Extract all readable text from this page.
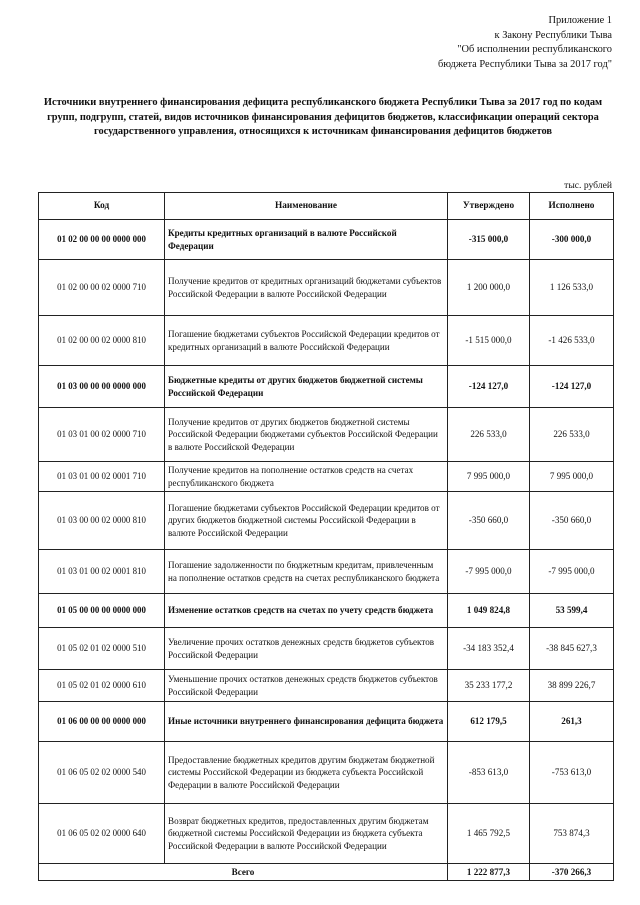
Приложение 1
к Закону Республики Тыва
"Об исполнении республиканского
бюджета Республики Тыва за 2017 год"
Источники внутреннего финансирования дефицита республиканского бюджета Республики Тыва за 2017 год по кодам групп, подгрупп, статей, видов источников финансирования дефицитов бюджетов, классификации операций сектора государственного управления, относящихся к источникам финансирования дефицитов бюджетов
тыс. рублей
Код	Наименование	Утверждено	Исполнено
01 02 00 00 00 0000 000	Кредиты кредитных организаций в валюте Российской Федерации	-315 000,0	-300 000,0
01 02 00 00 02 0000 710	Получение кредитов от кредитных организаций бюджетами субъектов Российской Федерации в валюте Российской Федерации	1 200 000,0	1 126 533,0
01 02 00 00 02 0000 810	Погашение бюджетами субъектов Российской Федерации кредитов от кредитных организаций в валюте Российской Федерации	-1 515 000,0	-1 426 533,0
01 03 00 00 00 0000 000	Бюджетные кредиты от других бюджетов бюджетной системы Российской Федерации	-124 127,0	-124 127,0
01 03 01 00 02 0000 710	Получение кредитов от других бюджетов бюджетной системы Российской Федерации бюджетами субъектов Российской Федерации в валюте Российской Федерации	226 533,0	226 533,0
01 03 01 00 02 0001 710	Получение кредитов на пополнение остатков средств на счетах республиканского бюджета	7 995 000,0	7 995 000,0
01 03 00 00 02 0000 810	Погашение бюджетами субъектов Российской Федерации кредитов от других бюджетов бюджетной системы Российской Федерации в валюте Российской Федерации	-350 660,0	-350 660,0
01 03 01 00 02 0001 810	Погашение задолженности по бюджетным кредитам, привлеченным на пополнение остатков средств на счетах республиканского бюджета	-7 995 000,0	-7 995 000,0
01 05 00 00 00 0000 000	Изменение остатков средств на счетах по учету средств бюджета	1 049 824,8	53 599,4
01 05 02 01 02 0000 510	Увеличение прочих остатков денежных средств бюджетов субъектов Российской Федерации	-34 183 352,4	-38 845 627,3
01 05 02 01 02 0000 610	Уменьшение прочих остатков денежных средств бюджетов субъектов Российской Федерации	35 233 177,2	38 899 226,7
01 06 00 00 00 0000 000	Иные источники внутреннего финансирования дефицита бюджета	612 179,5	261,3
01 06 05 02 02 0000 540	Предоставление бюджетных кредитов другим бюджетам бюджетной системы Российской Федерации из бюджета субъекта Российской Федерации в валюте Российской Федерации	-853 613,0	-753 613,0
01 06 05 02 02 0000 640	Возврат бюджетных кредитов, предоставленных другим бюджетам бюджетной системы Российской Федерации из бюджета субъекта Российской Федерации в валюте Российской Федерации	1 465 792,5	753 874,3
Всего		1 222 877,3	-370 266,3
